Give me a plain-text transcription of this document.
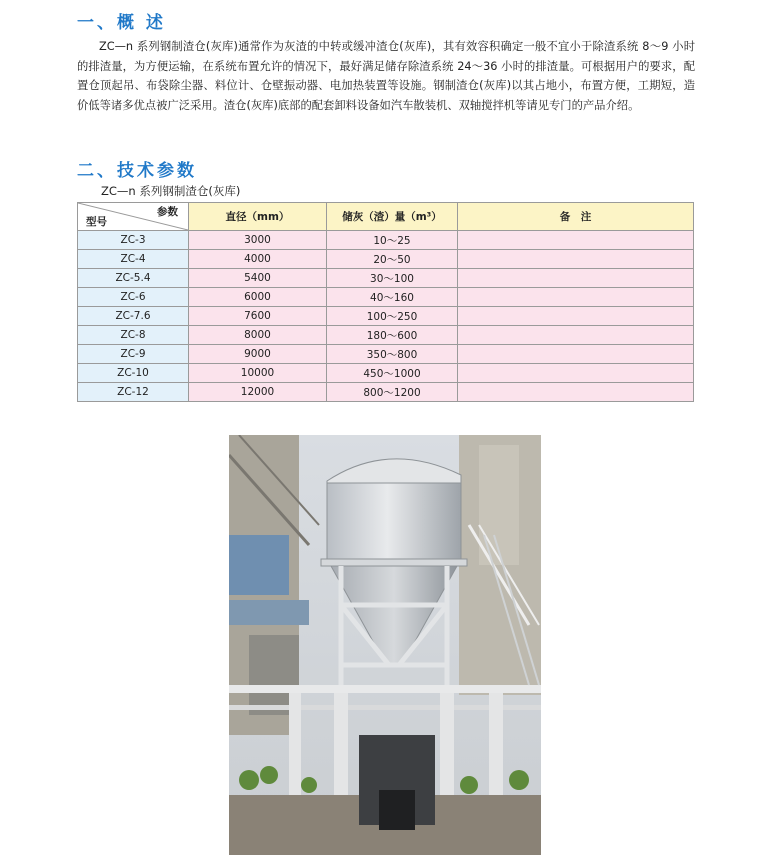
一、概 述

ZC—n 系列钢制渣仓(灰库)通常作为灰渣的中转或缓冲渣仓(灰库)，其有效容积确定一般不宜小于除渣系统 8～9 小时的排渣量，为方便运输，在系统布置允许的情况下，最好满足储存除渣系统 24～36 小时的排渣量。可根据用户的要求，配置仓顶起吊、布袋除尘器、料位计、仓壁振动器、电加热装置等设施。钢制渣仓(灰库)以其占地小，布置方便，工期短，造价低等诸多优点被广泛采用。渣仓(灰库)底部的配套卸料设备如汽车散装机、双轴搅拌机等请见专门的产品介绍。

二、技术参数
ZC—n 系列钢制渣仓(灰库)
参数
型号	直径（mm）	储灰（渣）量（m³）	备　注
ZC-3	3000	10～25	
ZC-4	4000	20～50	
ZC-5.4	5400	30～100	
ZC-6	6000	40～160	
ZC-7.6	7600	100～250	
ZC-8	8000	180～600	
ZC-9	9000	350～800	
ZC-10	10000	450～1000	
ZC-12	12000	800～1200	
